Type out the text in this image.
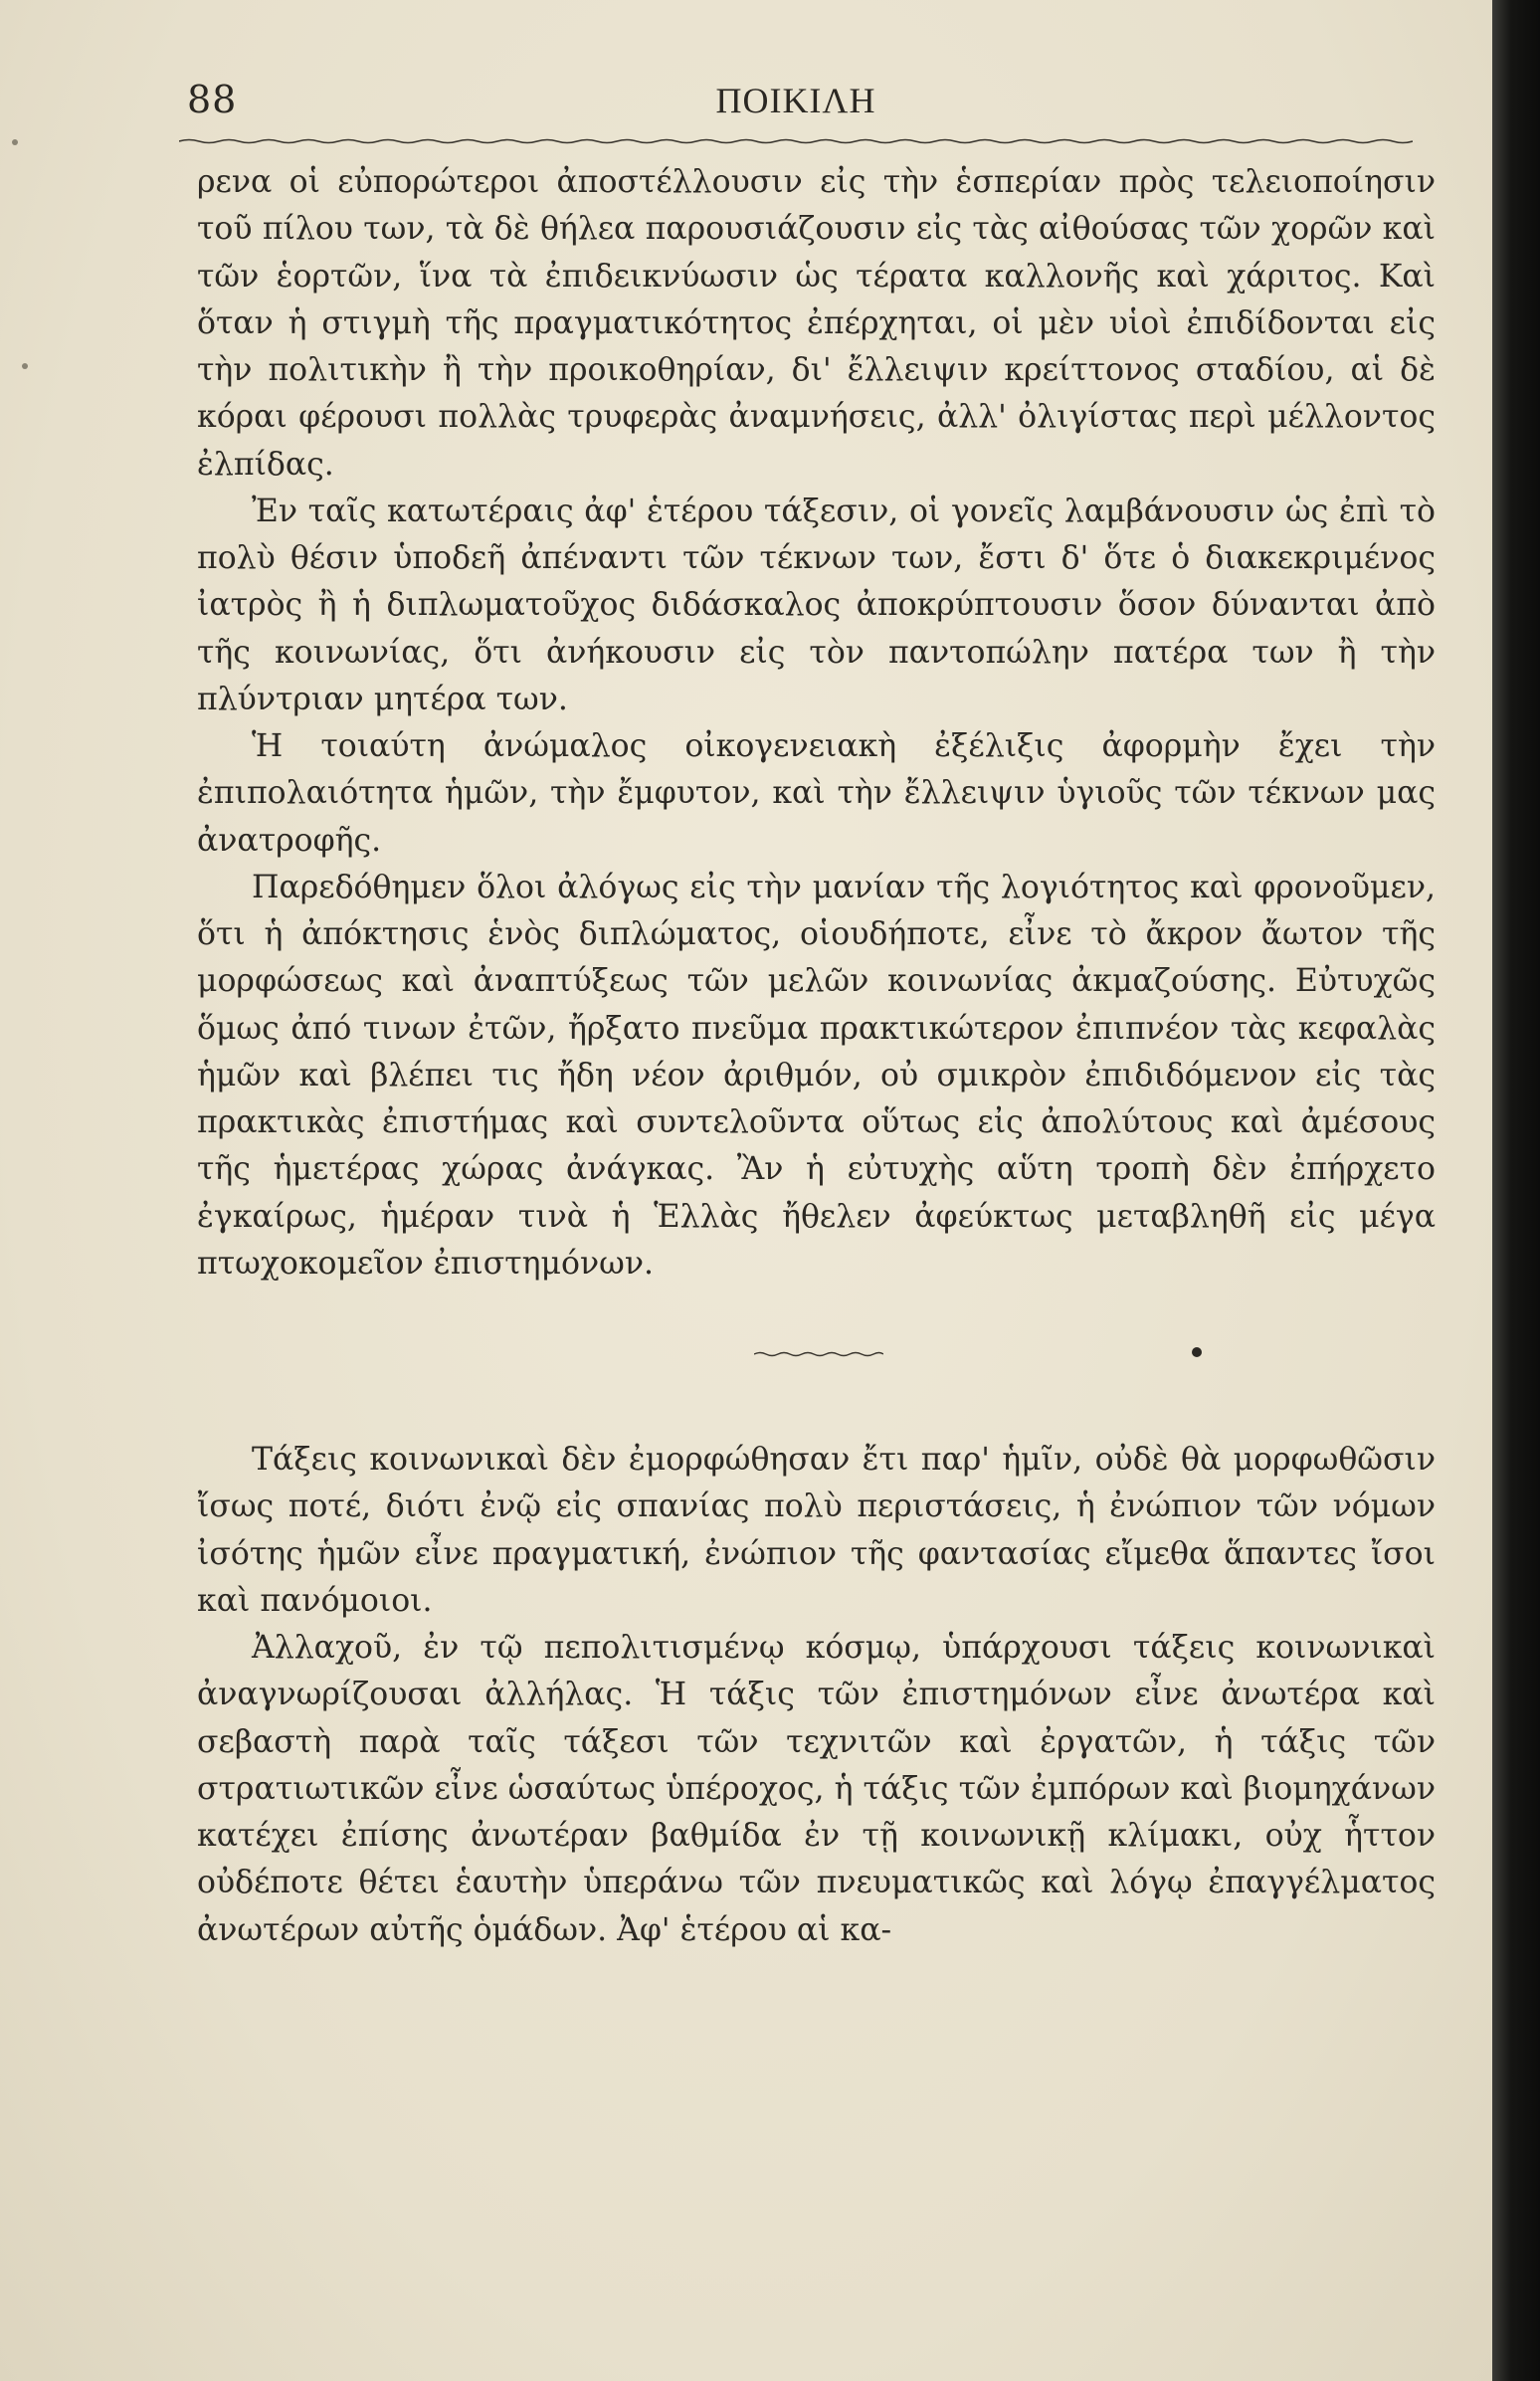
88	ΠΟΙΚΙΛΗ

ρενα οἱ εὐπορώτεροι ἀποστέλλουσιν εἰς τὴν ἑσπερίαν πρὸς τελειοποίησιν τοῦ πίλου των, τὰ δὲ θήλεα παρουσιάζουσιν εἰς τὰς αἰθούσας τῶν χορῶν καὶ τῶν ἑορτῶν, ἵνα τὰ ἐπιδεικνύωσιν ὡς τέρατα καλλονῆς καὶ χάριτος. Καὶ ὅταν ἡ στιγμὴ τῆς πραγματικότητος ἐπέρχηται, οἱ μὲν υἱοὶ ἐπιδίδονται εἰς τὴν πολιτικὴν ἢ τὴν προικοθηρίαν, δι' ἔλλειψιν κρείττονος σταδίου, αἱ δὲ κόραι φέρουσι πολλὰς τρυφερὰς ἀναμνήσεις, ἀλλ' ὀλιγίστας περὶ μέλλοντος ἐλπίδας.

Ἐν ταῖς κατωτέραις ἀφ' ἑτέρου τάξεσιν, οἱ γονεῖς λαμβάνουσιν ὡς ἐπὶ τὸ πολὺ θέσιν ὑποδεῆ ἀπέναντι τῶν τέκνων των, ἔστι δ' ὅτε ὁ διακεκριμένος ἰατρὸς ἢ ἡ διπλωματοῦχος διδάσκαλος ἀποκρύπτουσιν ὅσον δύνανται ἀπὸ τῆς κοινωνίας, ὅτι ἀνήκουσιν εἰς τὸν παντοπώλην πατέρα των ἢ τὴν πλύντριαν μητέρα των.

Ἡ τοιαύτη ἀνώμαλος οἰκογενειακὴ ἐξέλιξις ἀφορμὴν ἔχει τὴν ἐπιπολαιότητα ἡμῶν, τὴν ἔμφυτον, καὶ τὴν ἔλλειψιν ὑγιοῦς τῶν τέκνων μας ἀνατροφῆς.

Παρεδόθημεν ὅλοι ἀλόγως εἰς τὴν μανίαν τῆς λογιότητος καὶ φρονοῦμεν, ὅτι ἡ ἀπόκτησις ἑνὸς διπλώματος, οἱουδήποτε, εἶνε τὸ ἄκρον ἄωτον τῆς μορφώσεως καὶ ἀναπτύξεως τῶν μελῶν κοινωνίας ἀκμαζούσης. Εὐτυχῶς ὅμως ἀπό τινων ἐτῶν, ἤρξατο πνεῦμα πρακτικώτερον ἐπιπνέον τὰς κεφαλὰς ἡμῶν καὶ βλέπει τις ἤδη νέον ἀριθμόν, οὐ σμικρὸν ἐπιδιδόμενον εἰς τὰς πρακτικὰς ἐπιστήμας καὶ συντελοῦντα οὕτως εἰς ἀπολύτους καὶ ἀμέσους τῆς ἡμετέρας χώρας ἀνάγκας. Ἂν ἡ εὐτυχὴς αὕτη τροπὴ δὲν ἐπήρχετο ἐγκαίρως, ἡμέραν τινὰ ἡ Ἑλλὰς ἤθελεν ἀφεύκτως μεταβληθῆ εἰς μέγα πτωχοκομεῖον ἐπιστημόνων.

Τάξεις κοινωνικαὶ δὲν ἐμορφώθησαν ἔτι παρ' ἡμῖν, οὐδὲ θὰ μορφωθῶσιν ἴσως ποτέ, διότι ἐνῷ εἰς σπανίας πολὺ περιστάσεις, ἡ ἐνώπιον τῶν νόμων ἰσότης ἡμῶν εἶνε πραγματική, ἐνώπιον τῆς φαντασίας εἴμεθα ἅπαντες ἴσοι καὶ πανόμοιοι.

Ἀλλαχοῦ, ἐν τῷ πεπολιτισμένῳ κόσμῳ, ὑπάρχουσι τάξεις κοινωνικαὶ ἀναγνωρίζουσαι ἀλλήλας. Ἡ τάξις τῶν ἐπιστημόνων εἶνε ἀνωτέρα καὶ σεβαστὴ παρὰ ταῖς τάξεσι τῶν τεχνιτῶν καὶ ἐργατῶν, ἡ τάξις τῶν στρατιωτικῶν εἶνε ὡσαύτως ὑπέροχος, ἡ τάξις τῶν ἐμπόρων καὶ βιομηχάνων κατέχει ἐπίσης ἀνωτέραν βαθμίδα ἐν τῇ κοινωνικῇ κλίμακι, οὐχ ἧττον οὐδέποτε θέτει ἑαυτὴν ὑπεράνω τῶν πνευματικῶς καὶ λόγῳ ἐπαγγέλματος ἀνωτέρων αὐτῆς ὁμάδων. Ἀφ' ἑτέρου αἱ κα-
